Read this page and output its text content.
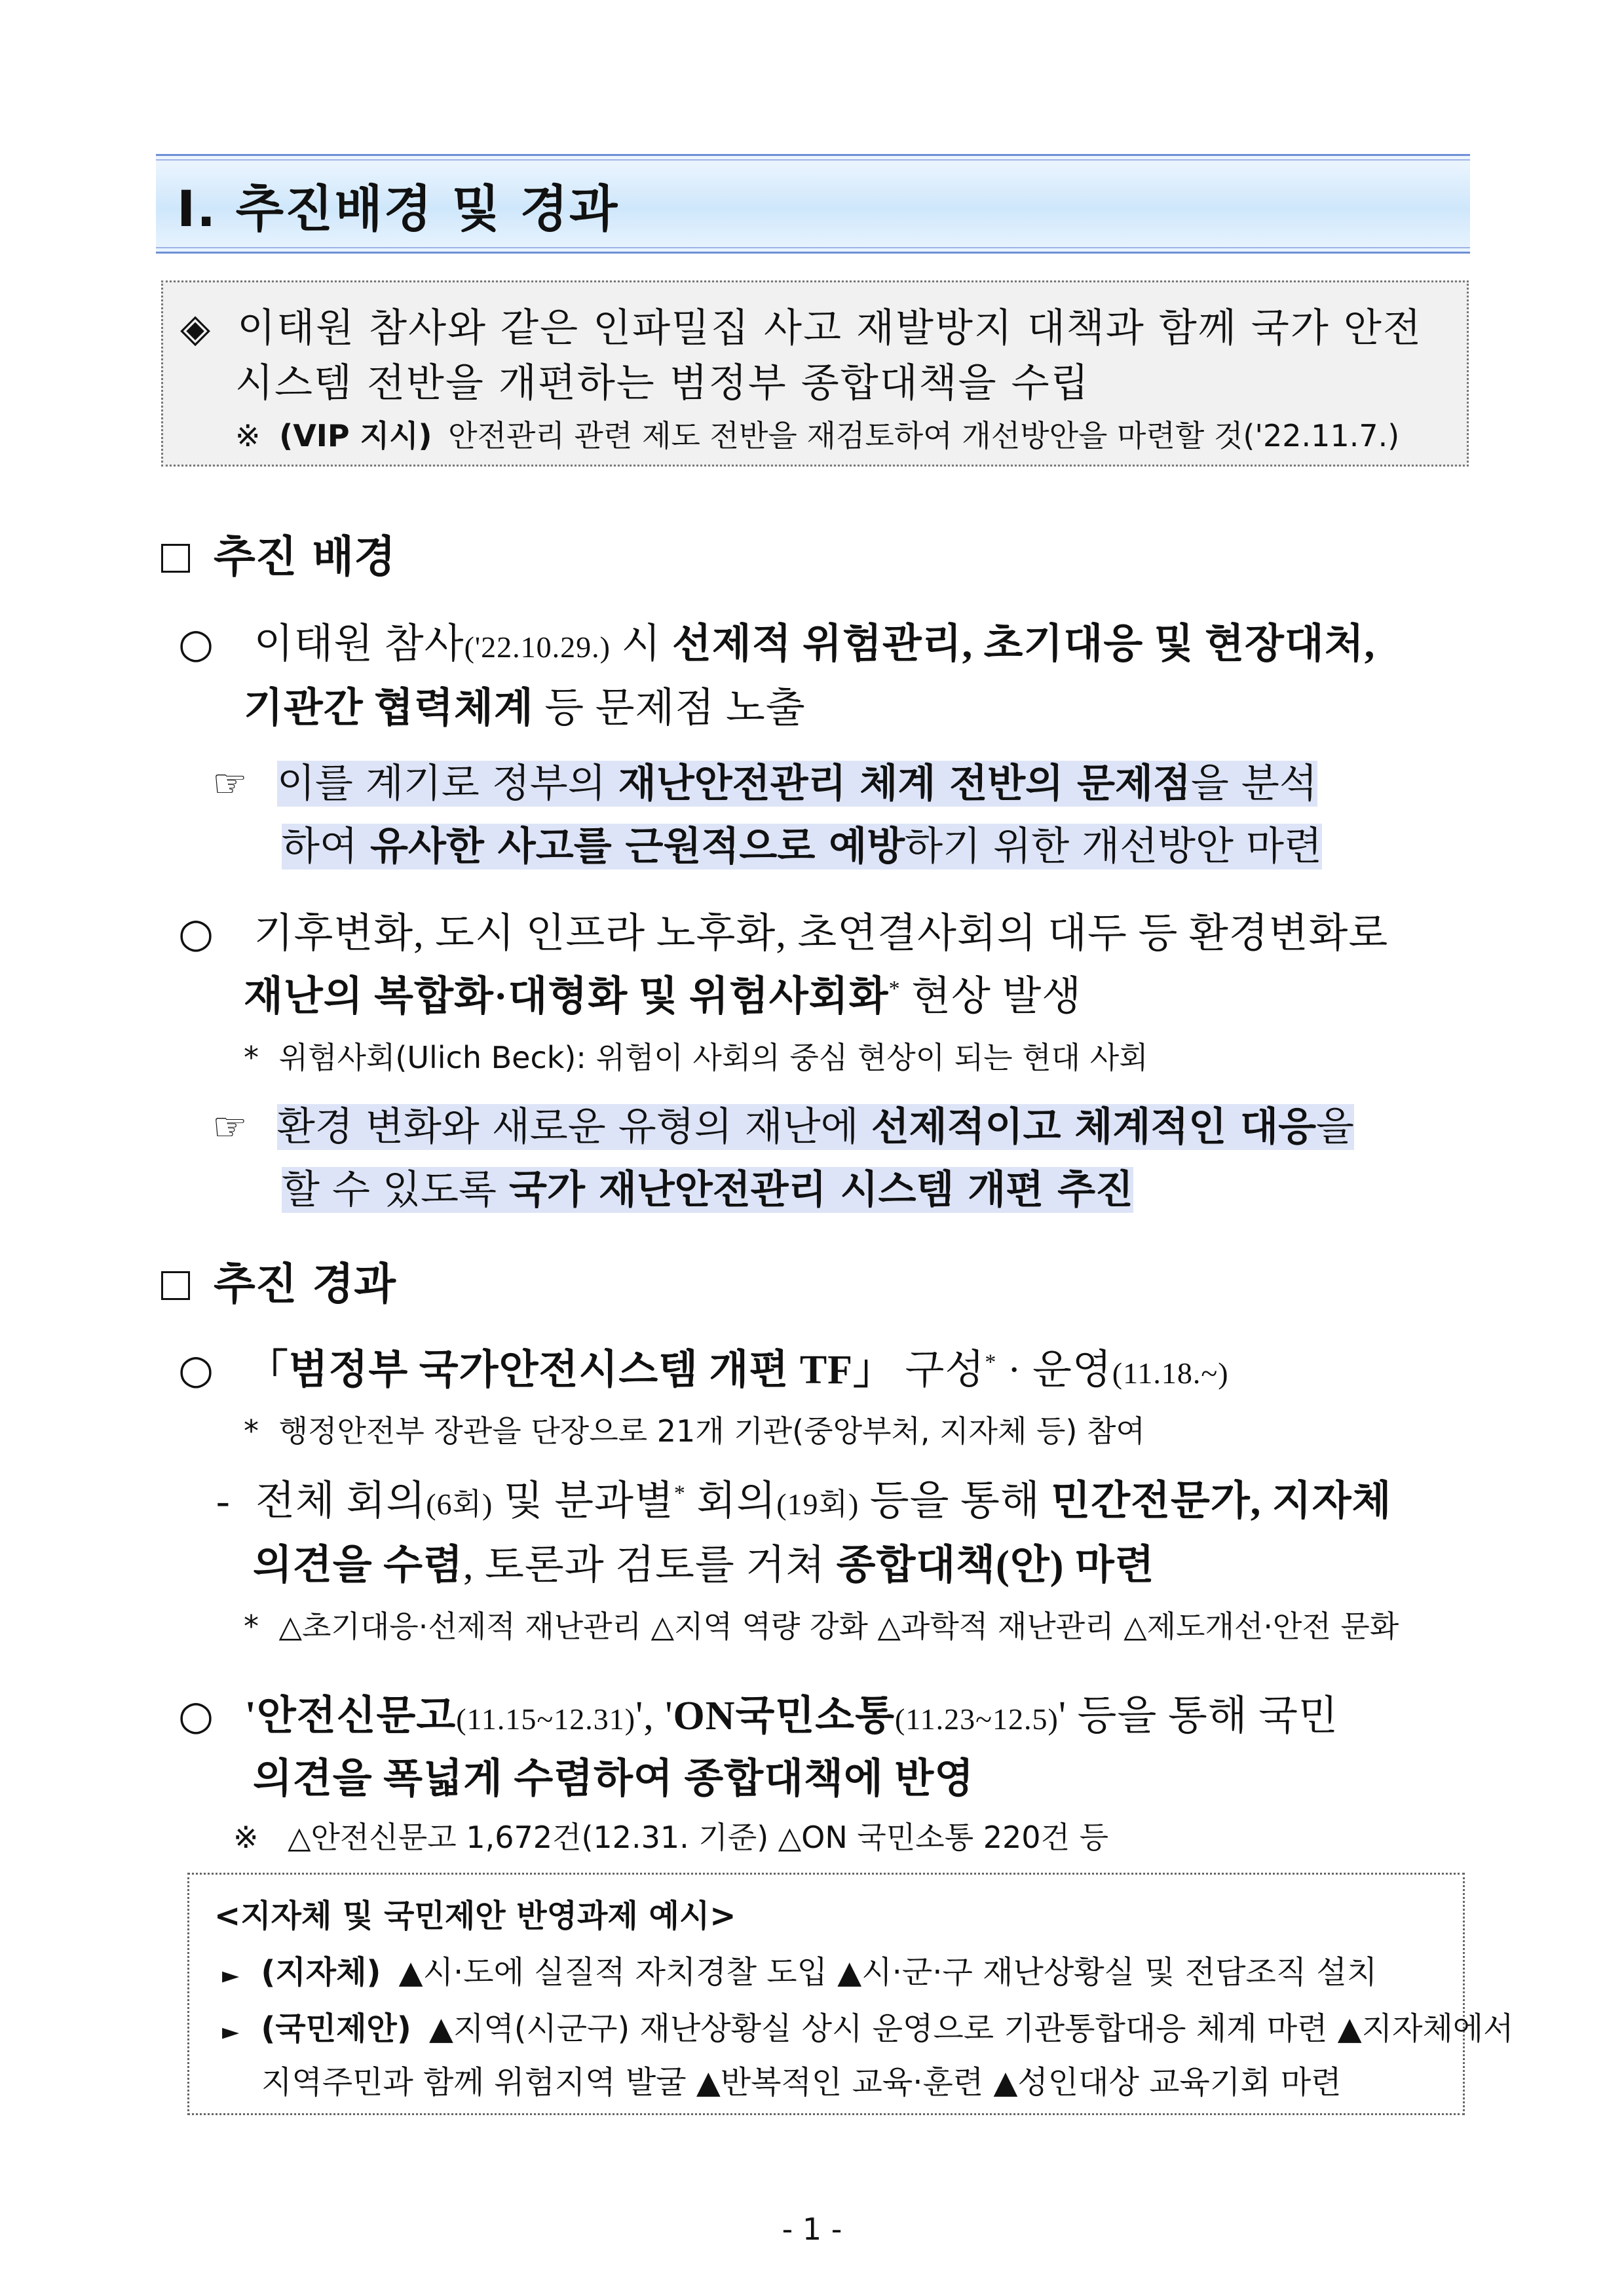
Ⅰ. 추진배경 및 경과
◈ 이태원 참사와 같은 인파밀집 사고 재발방지 대책과 함께 국가 안전
시스템 전반을 개편하는 범정부 종합대책을 수립
※ (VIP 지시) 안전관리 관련 제도 전반을 재검토하여 개선방안을 마련할 것('22.11.7.)
추진 배경
○ 이태원 참사('22.10.29.) 시 선제적 위험관리, 초기대응 및 현장대처,
기관간 협력체계 등 문제점 노출
☞ 이를 계기로 정부의 재난안전관리 체계 전반의 문제점을 분석
하여 유사한 사고를 근원적으로 예방하기 위한 개선방안 마련
○ 기후변화, 도시 인프라 노후화, 초연결사회의 대두 등 환경변화로
재난의 복합화·대형화 및 위험사회화* 현상 발생
* 위험사회(Ulich Beck): 위험이 사회의 중심 현상이 되는 현대 사회
☞ 환경 변화와 새로운 유형의 재난에 선제적이고 체계적인 대응을
할 수 있도록 국가 재난안전관리 시스템 개편 추진
추진 경과
○ 「범정부 국가안전시스템 개편 TF」 구성* · 운영(11.18.~)
* 행정안전부 장관을 단장으로 21개 기관(중앙부처, 지자체 등) 참여
- 전체 회의(6회) 및 분과별* 회의(19회) 등을 통해 민간전문가, 지자체
의견을 수렴, 토론과 검토를 거쳐 종합대책(안) 마련
* △초기대응·선제적 재난관리 △지역 역량 강화 △과학적 재난관리 △제도개선·안전 문화
○ '안전신문고(11.15~12.31)', 'ON국민소통(11.23~12.5)' 등을 통해 국민
의견을 폭넓게 수렴하여 종합대책에 반영
※ △안전신문고 1,672건(12.31. 기준) △ON 국민소통 220건 등
<지자체 및 국민제안 반영과제 예시>
► (지자체) ▲시·도에 실질적 자치경찰 도입 ▲시·군·구 재난상황실 및 전담조직 설치
► (국민제안) ▲지역(시군구) 재난상황실 상시 운영으로 기관통합대응 체계 마련 ▲지자체에서
지역주민과 함께 위험지역 발굴 ▲반복적인 교육·훈련 ▲성인대상 교육기회 마련
- 1 -
